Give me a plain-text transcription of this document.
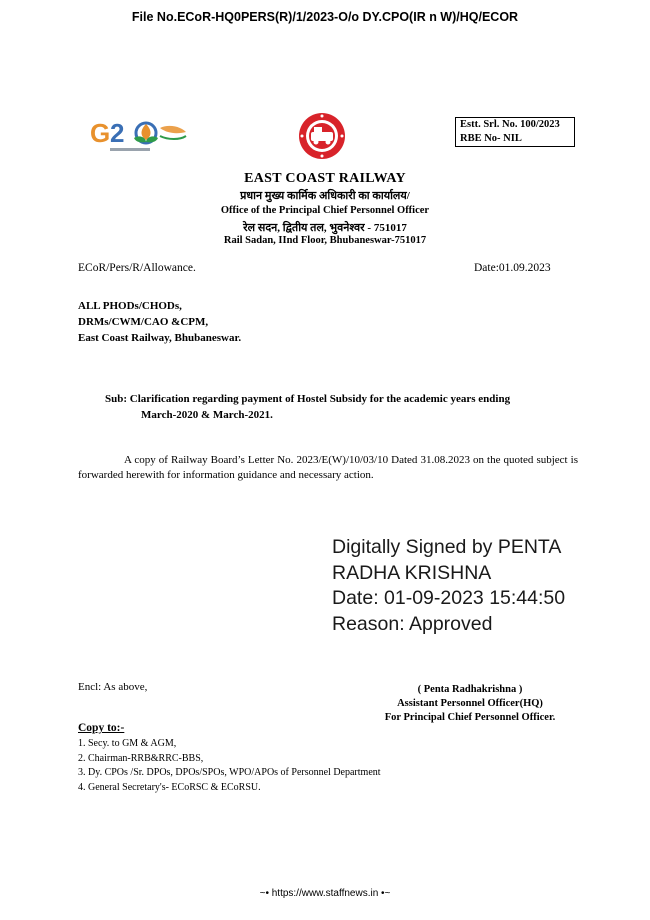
File No.ECoR-HQ0PERS(R)/1/2023-O/o DY.CPO(IR n W)/HQ/ECOR
G 2	Estt. Srl. No. 100/2023
RBE No- NIL
EAST COAST RAILWAY
प्रधान मुख्य कार्मिक अधिकारी का कार्यालय/
Office of the Principal Chief Personnel Officer
रेल सदन, द्वितीय तल, भुवनेश्वर - 751017
Rail Sadan, IInd Floor, Bhubaneswar-751017
ECoR/Pers/R/Allowance.	Date:01.09.2023
ALL PHODs/CHODs,
DRMs/CWM/CAO &CPM,
East Coast Railway, Bhubaneswar.
Sub: Clarification regarding payment of Hostel Subsidy for the academic years ending
March-2020 & March-2021.
A copy of Railway Board’s Letter No. 2023/E(W)/10/03/10 Dated 31.08.2023 on the quoted subject is forwarded herewith for information guidance and necessary action.
Digitally Signed by PENTA
RADHA KRISHNA
Date: 01-09-2023 15:44:50
Reason: Approved
Encl: As above,	( Penta Radhakrishna )
Assistant Personnel Officer(HQ)
For Principal Chief Personnel Officer.
Copy to:-
1. Secy. to GM & AGM,
2. Chairman-RRB&RRC-BBS,
3. Dy. CPOs /Sr. DPOs, DPOs/SPOs, WPO/APOs of Personnel Department
4. General Secretary's- ECoRSC & ECoRSU.
~• https://www.staffnews.in •~
